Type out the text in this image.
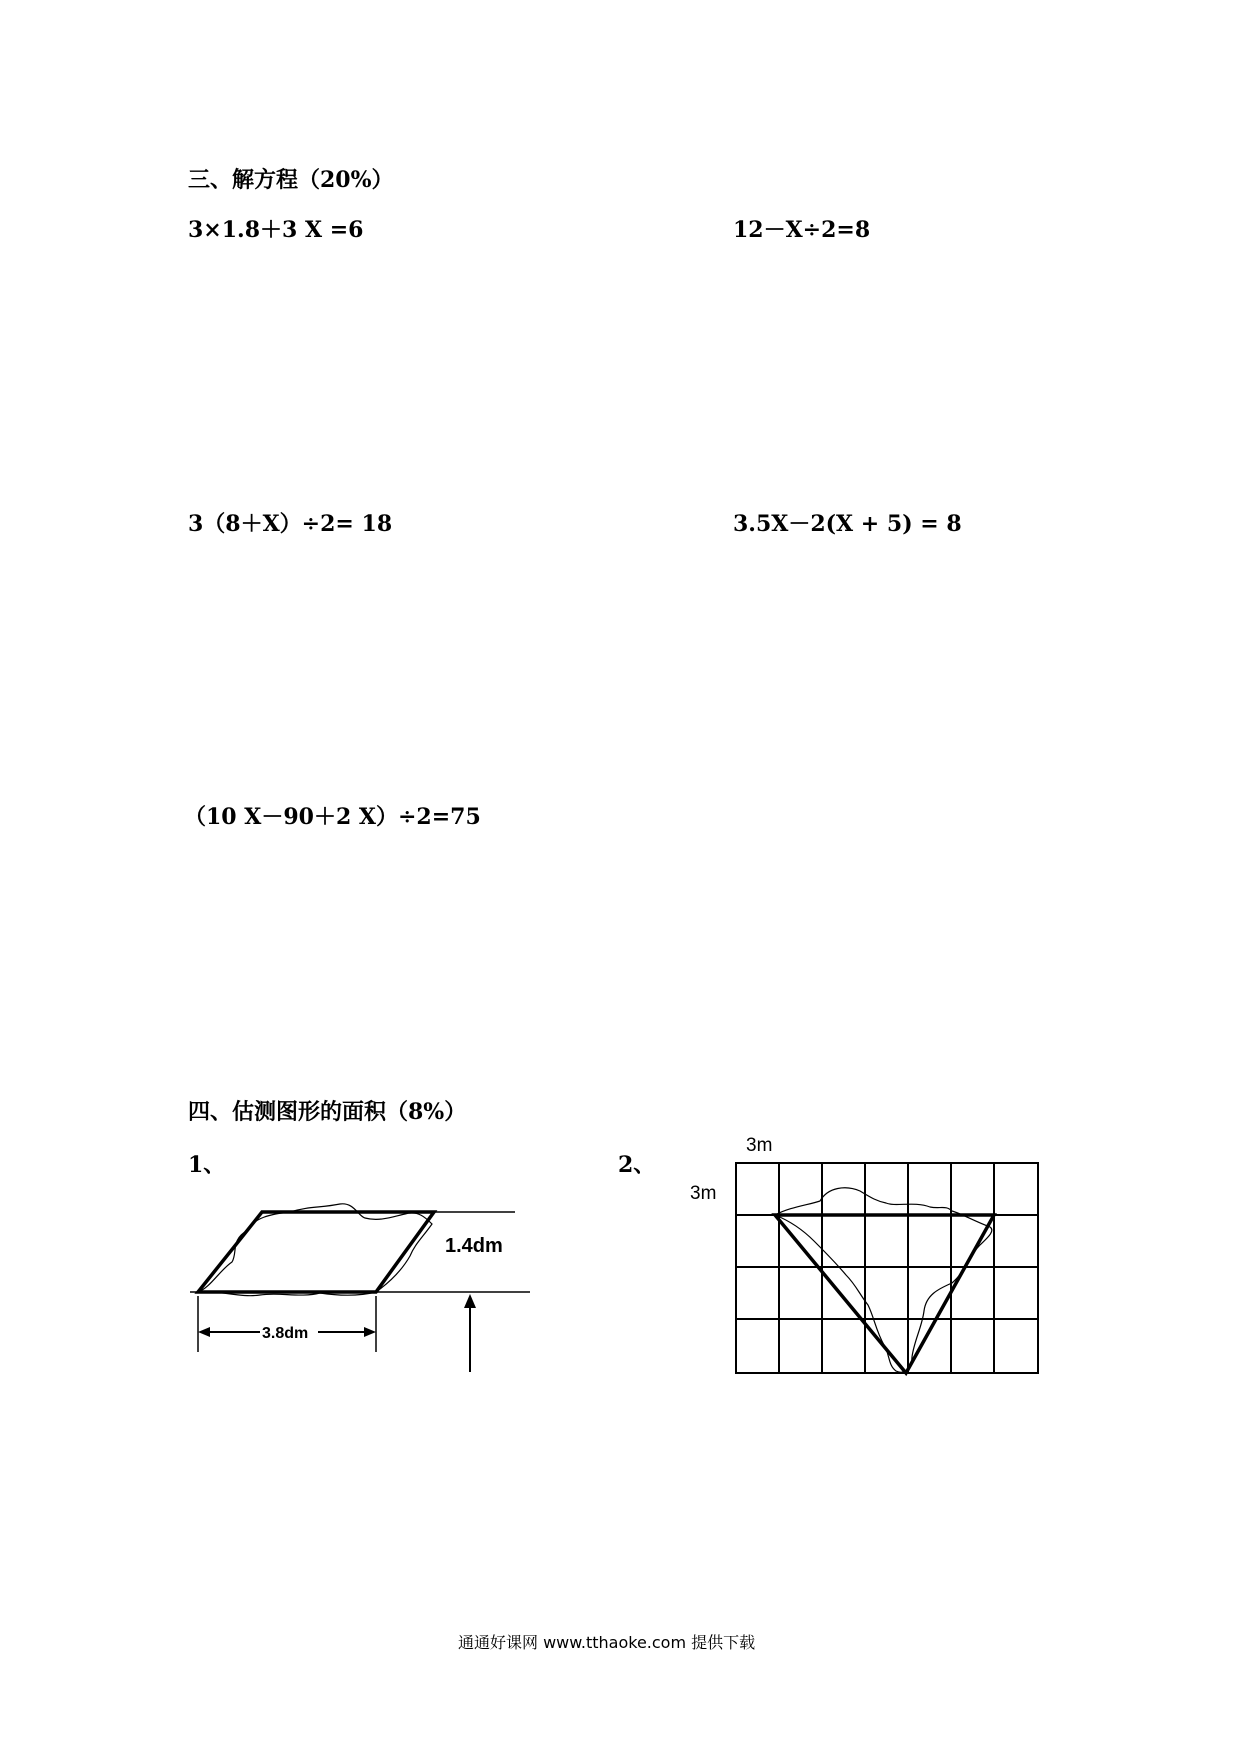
三、解方程（20%）
3×1.8＋3 X =6	12－X÷2=8
3（8＋X）÷2= 18	3.5X－2(X + 5) = 8
（10 X－90＋2 X）÷2=75
四、估测图形的面积（8%）
1、	2、
1.4dm
3.8dm
3m
3m
通通好课网 www.tthaoke.com 提供下载
